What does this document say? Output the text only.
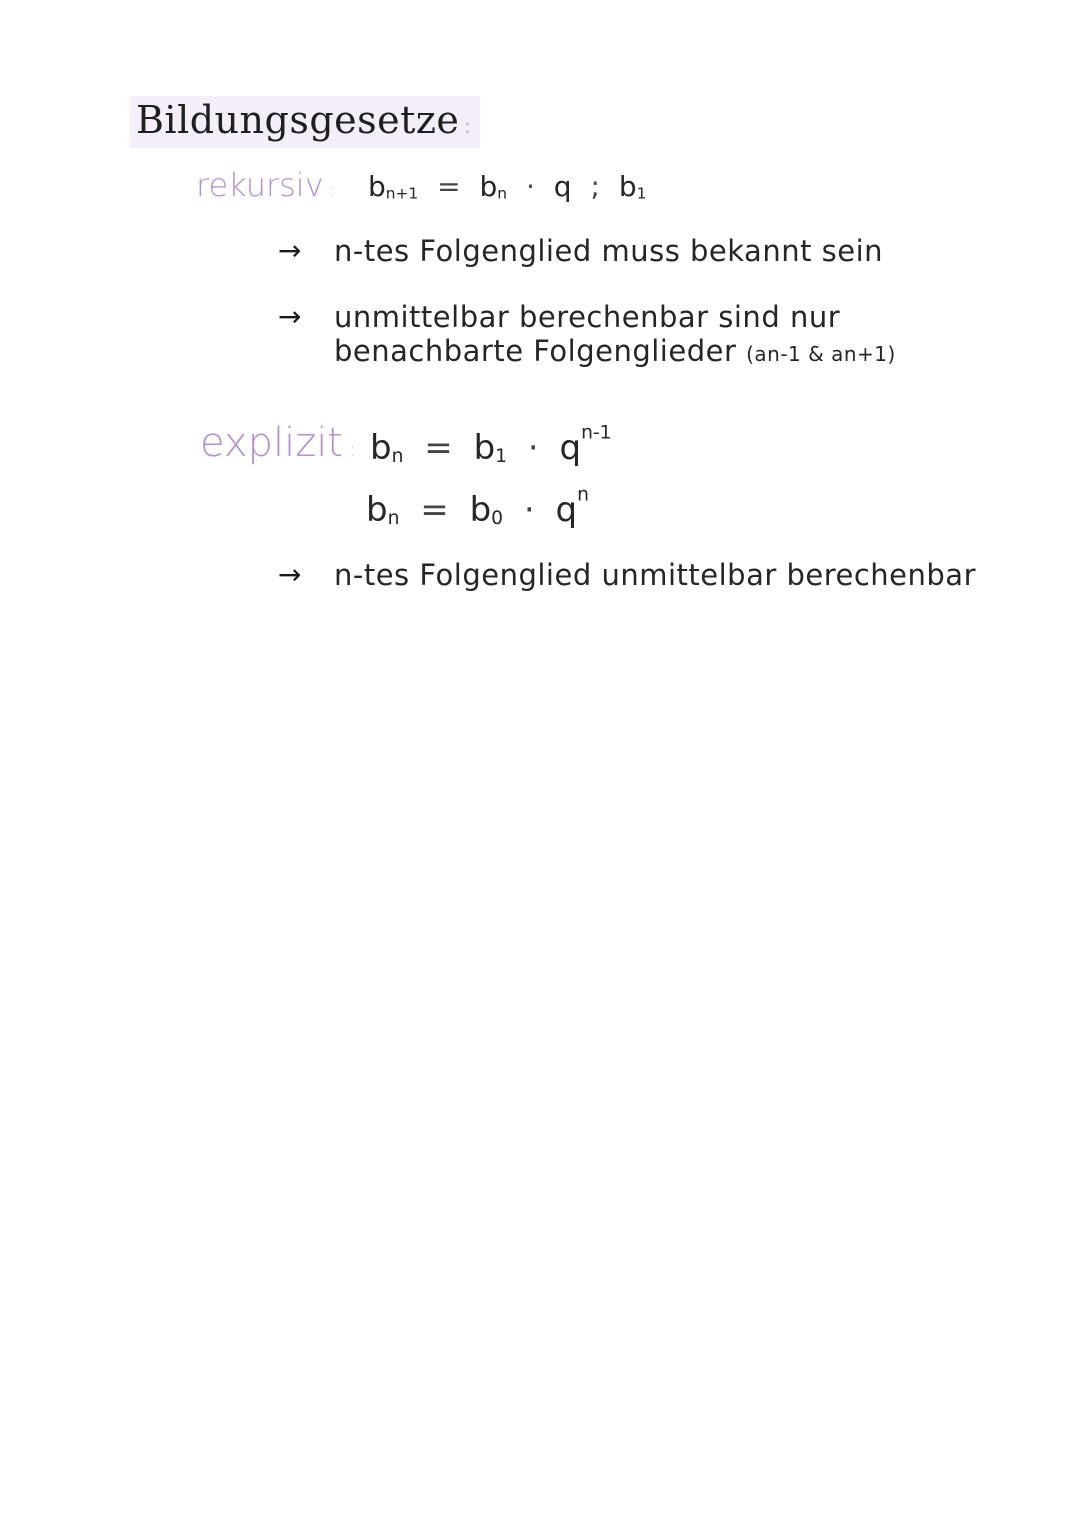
Bildungsgesetze :
rekursiv : $b_{n+1} = b_n \cdot q$ ; $b_1$
→	n-tes Folgenglied muss bekannt sein
→	unmittelbar berechenbar sind nur
benachbarte Folgenglieder (an-1 & an+1)
explizit : $b_n = b_1 \cdot q^{n-1}$
$b_n = b_0 \cdot q^n$
→	n-tes Folgenglied unmittelbar berechenbar
